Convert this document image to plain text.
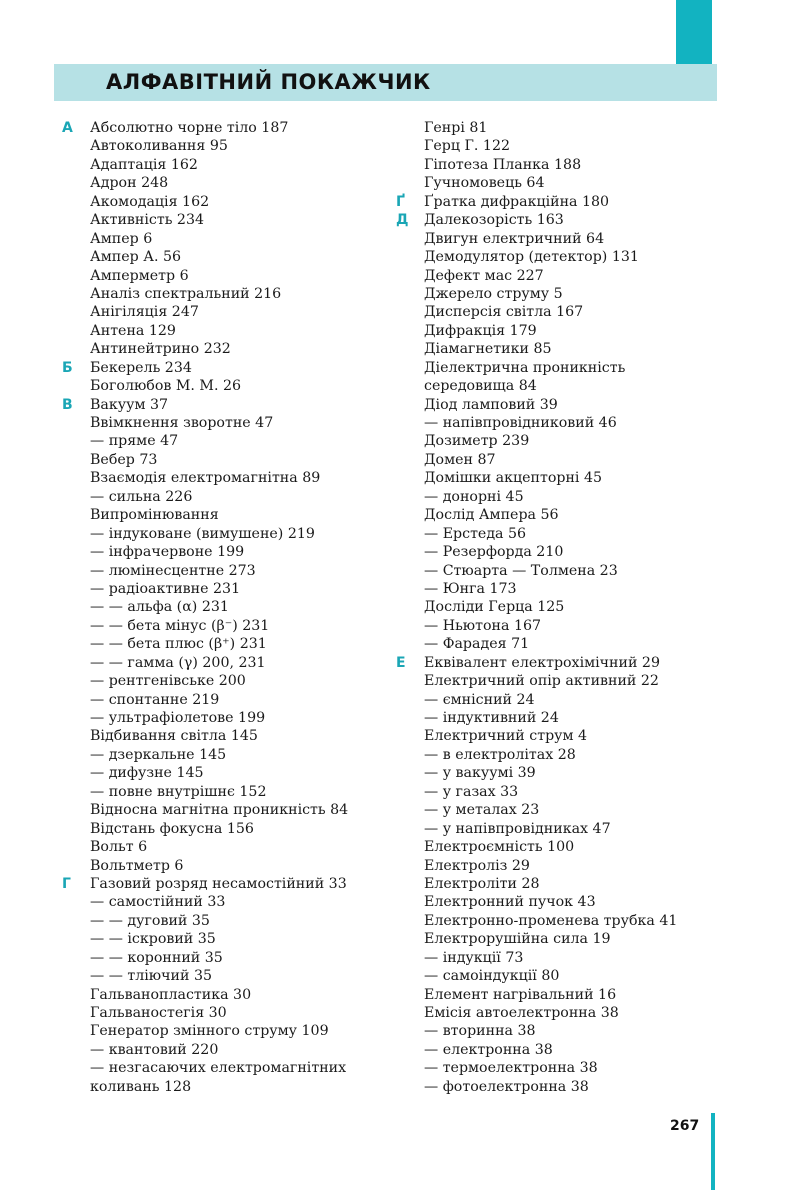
АЛФАВІТНИЙ ПОКАЖЧИК
А Абсолютно чорне тіло 187
Автоколивання 95
Адаптація 162
Адрон 248
Акомодація 162
Активність 234
Ампер 6
Ампер А. 56
Амперметр 6
Аналіз спектральний 216
Анігіляція 247
Антена 129
Антинейтрино 232
Б Бекерель 234
Боголюбов М. М. 26
В Вакуум 37
Ввімкнення зворотне 47
— пряме 47
Вебер 73
Взаємодія електромагнітна 89
— сильна 226
Випромінювання
— індуковане (вимушене) 219
— інфрачервоне 199
— люмінесцентне 273
— радіоактивне 231
— — альфа (α) 231
— — бета мінус (β⁻) 231
— — бета плюс (β⁺) 231
— — гамма (γ) 200, 231
— рентгенівське 200
— спонтанне 219
— ультрафіолетове 199
Відбивання світла 145
— дзеркальне 145
— дифузне 145
— повне внутрішнє 152
Відносна магнітна проникність 84
Відстань фокусна 156
Вольт 6
Вольтметр 6
Г Газовий розряд несамостійний 33
— самостійний 33
— — дуговий 35
— — іскровий 35
— — коронний 35
— — тліючий 35
Гальванопластика 30
Гальваностегія 30
Генератор змінного струму 109
— квантовий 220
— незгасаючих електромагнітних
коливань 128
Генрі 81
Герц Г. 122
Гіпотеза Планка 188
Гучномовець 64
Ґ Ґратка дифракційна 180
Д Далекозорість 163
Двигун електричний 64
Демодулятор (детектор) 131
Дефект мас 227
Джерело струму 5
Дисперсія світла 167
Дифракція 179
Діамагнетики 85
Діелектрична проникність
середовища 84
Діод ламповий 39
— напівпровідниковий 46
Дозиметр 239
Домен 87
Домішки акцепторні 45
— донорні 45
Дослід Ампера 56
— Ерстеда 56
— Резерфорда 210
— Стюарта — Толмена 23
— Юнга 173
Досліди Герца 125
— Ньютона 167
— Фарадея 71
Е Еквівалент електрохімічний 29
Електричний опір активний 22
— ємнісний 24
— індуктивний 24
Електричний струм 4
— в електролітах 28
— у вакуумі 39
— у газах 33
— у металах 23
— у напівпровідниках 47
Електроємність 100
Електроліз 29
Електроліти 28
Електронний пучок 43
Електронно-променева трубка 41
Електрорушійна сила 19
— індукції 73
— самоіндукції 80
Елемент нагрівальний 16
Емісія автоелектронна 38
— вторинна 38
— електронна 38
— термоелектронна 38
— фотоелектронна 38
267
